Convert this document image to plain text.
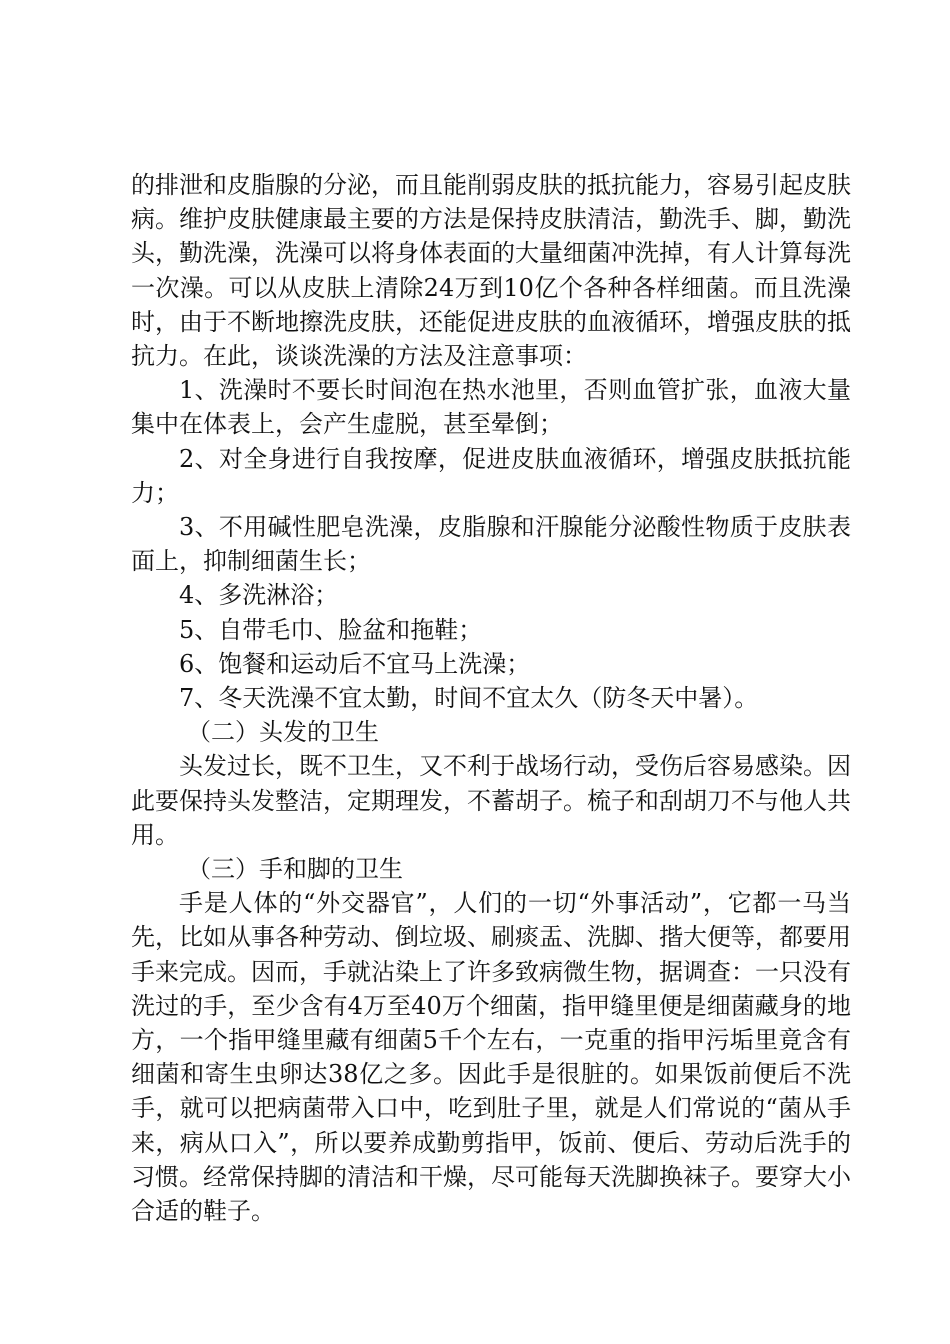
的排泄和皮脂腺的分泌，而且能削弱皮肤的抵抗能力，容易引起皮肤病。维护皮肤健康最主要的方法是保持皮肤清洁，勤洗手、脚，勤洗头，勤洗澡，洗澡可以将身体表面的大量细菌冲洗掉，有人计算每洗一次澡。可以从皮肤上清除24万到10亿个各种各样细菌。而且洗澡时，由于不断地擦洗皮肤，还能促进皮肤的血液循环，增强皮肤的抵抗力。在此，谈谈洗澡的方法及注意事项：

1、洗澡时不要长时间泡在热水池里，否则血管扩张，血液大量集中在体表上，会产生虚脱，甚至晕倒；

2、对全身进行自我按摩，促进皮肤血液循环，增强皮肤抵抗能力；

3、不用碱性肥皂洗澡，皮脂腺和汗腺能分泌酸性物质于皮肤表面上，抑制细菌生长；

4、多洗淋浴；

5、自带毛巾、脸盆和拖鞋；

6、饱餐和运动后不宜马上洗澡；

7、冬天洗澡不宜太勤，时间不宜太久（防冬天中暑）。

（二）头发的卫生

头发过长，既不卫生，又不利于战场行动，受伤后容易感染。因此要保持头发整洁，定期理发，不蓄胡子。梳子和刮胡刀不与他人共用。

（三）手和脚的卫生

手是人体的“外交器官”，人们的一切“外事活动”，它都一马当先，比如从事各种劳动、倒垃圾、刷痰盂、洗脚、揩大便等，都要用手来完成。因而，手就沾染上了许多致病微生物，据调查：一只没有洗过的手，至少含有4万至40万个细菌，指甲缝里便是细菌藏身的地方，一个指甲缝里藏有细菌5千个左右，一克重的指甲污垢里竟含有细菌和寄生虫卵达38亿之多。因此手是很脏的。如果饭前便后不洗手，就可以把病菌带入口中，吃到肚子里，就是人们常说的“菌从手来，病从口入”，所以要养成勤剪指甲，饭前、便后、劳动后洗手的习惯。经常保持脚的清洁和干燥，尽可能每天洗脚换袜子。要穿大小合适的鞋子。
